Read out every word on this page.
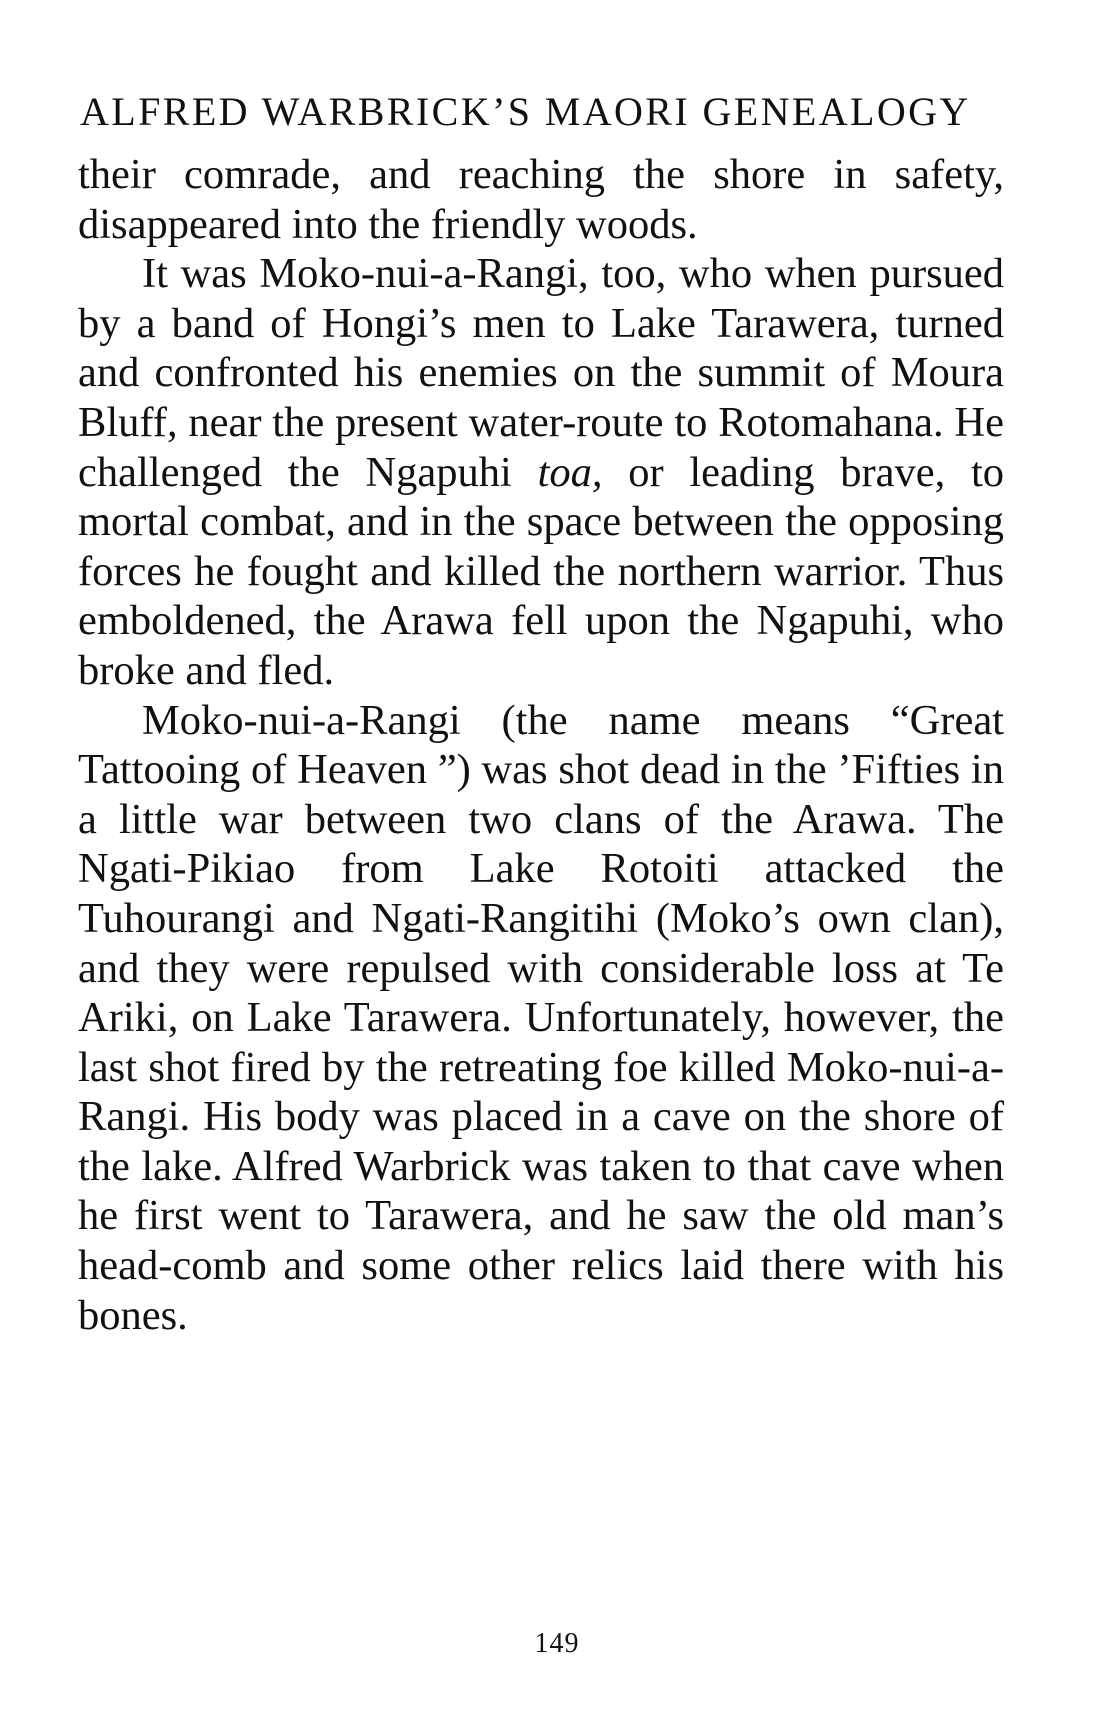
ALFRED WARBRICK’S MAORI GENEALOGY

their comrade, and reaching the shore in safety, disappeared into the friendly woods.

It was Moko-nui-a-Rangi, too, who when pursued by a band of Hongi’s men to Lake Tarawera, turned and confronted his enemies on the summit of Moura Bluff, near the present water-route to Rotomahana. He challenged the Ngapuhi toa, or leading brave, to mortal combat, and in the space between the opposing forces he fought and killed the northern warrior. Thus emboldened, the Arawa fell upon the Ngapuhi, who broke and fled.

Moko-nui-a-Rangi (the name means “Great Tattooing of Heaven ”) was shot dead in the ’Fifties in a little war between two clans of the Arawa. The Ngati-Pikiao from Lake Rotoiti attacked the Tuhourangi and Ngati-Rangitihi (Moko’s own clan), and they were repulsed with considerable loss at Te Ariki, on Lake Tarawera. Unfortunately, however, the last shot fired by the retreating foe killed Moko-nui-a-Rangi. His body was placed in a cave on the shore of the lake. Alfred Warbrick was taken to that cave when he first went to Tarawera, and he saw the old man’s head-comb and some other relics laid there with his bones.

149
